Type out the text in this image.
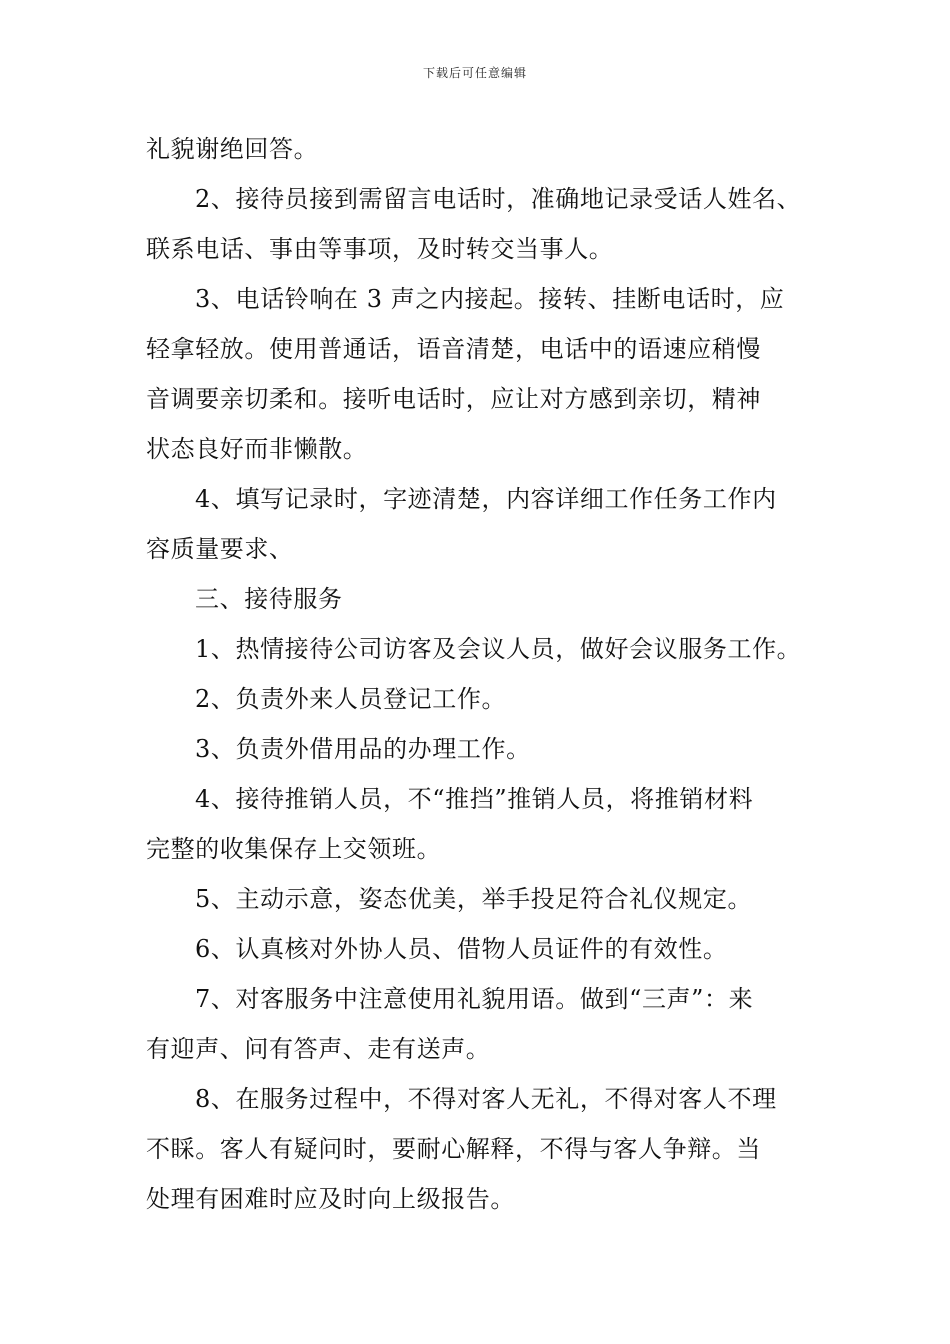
下载后可任意编辑
礼貌谢绝回答。
2、接待员接到需留言电话时，准确地记录受话人姓名、
联系电话、事由等事项，及时转交当事人。
3、电话铃响在 3 声之内接起。接转、挂断电话时，应
轻拿轻放。使用普通话，语音清楚，电话中的语速应稍慢
音调要亲切柔和。接听电话时，应让对方感到亲切，精神
状态良好而非懒散。
4、填写记录时，字迹清楚，内容详细工作任务工作内
容质量要求、
三、接待服务
1、热情接待公司访客及会议人员，做好会议服务工作。
2、负责外来人员登记工作。
3、负责外借用品的办理工作。
4、接待推销人员，不“推挡”推销人员，将推销材料
完整的收集保存上交领班。
5、主动示意，姿态优美，举手投足符合礼仪规定。
6、认真核对外协人员、借物人员证件的有效性。
7、对客服务中注意使用礼貌用语。做到“三声”：来
有迎声、问有答声、走有送声。
8、在服务过程中，不得对客人无礼，不得对客人不理
不睬。客人有疑问时，要耐心解释，不得与客人争辩。当
处理有困难时应及时向上级报告。
